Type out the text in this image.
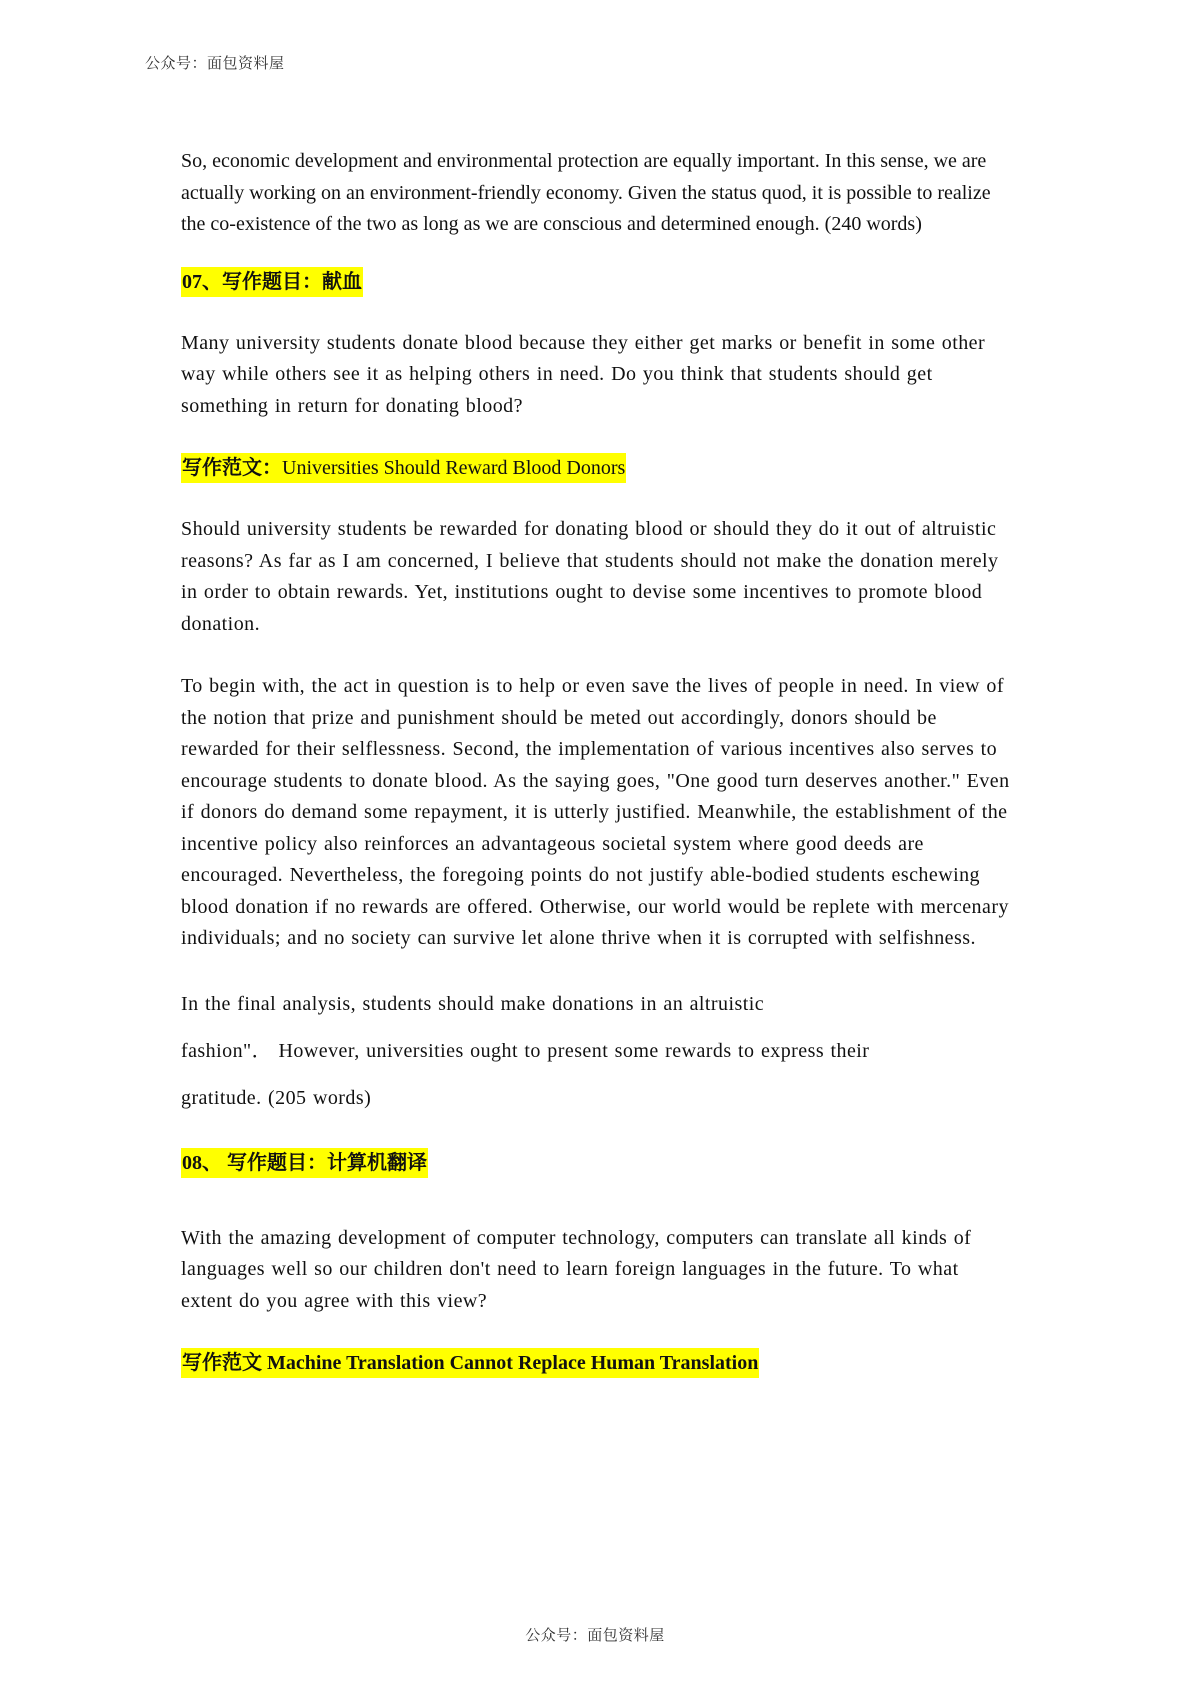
公众号：面包资料屋

So, economic development and environmental protection are equally important. In this sense, we are actually working on an environment-friendly economy. Given the status quod, it is possible to realize the co-existence of the two as long as we are conscious and determined enough. (240 words)

07、写作题目：献血

Many university students donate blood because they either get marks or benefit in some other way while others see it as helping others in need. Do you think that students should get something in return for donating blood?

写作范文：Universities Should Reward Blood Donors

Should university students be rewarded for donating blood or should they do it out of altruistic reasons? As far as I am concerned, I believe that students should not make the donation merely in order to obtain rewards. Yet, institutions ought to devise some incentives to promote blood donation.

To begin with, the act in question is to help or even save the lives of people in need. In view of the notion that prize and punishment should be meted out accordingly, donors should be rewarded for their selflessness. Second, the implementation of various incentives also serves to encourage students to donate blood. As the saying goes, "One good turn deserves another." Even if donors do demand some repayment, it is utterly justified. Meanwhile, the establishment of the incentive policy also reinforces an advantageous societal system where good deeds are encouraged. Nevertheless, the foregoing points do not justify able-bodied students eschewing blood donation if no rewards are offered. Otherwise, our world would be replete with mercenary individuals; and no society can survive let alone thrive when it is corrupted with selfishness.

In the final analysis, students should make donations in an altruistic

fashion"． However, universities ought to present some rewards to express their

gratitude. (205 words)

08、 写作题目：计算机翻译

With the amazing development of computer technology, computers can translate all kinds of languages well so our children don't need to learn foreign languages in the future. To what extent do you agree with this view?

写作范文 Machine Translation Cannot Replace Human Translation
公众号：面包资料屋
